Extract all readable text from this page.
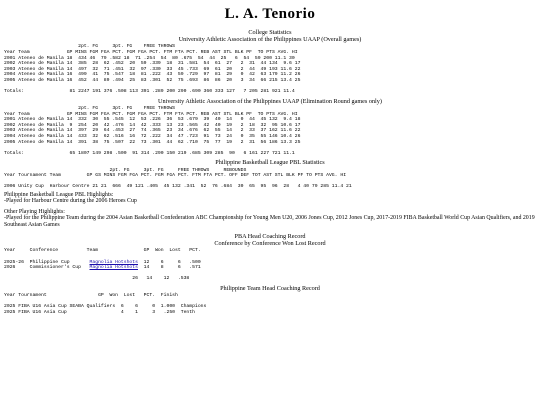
L. A. Tenorio
College Statistics
University Athletic Association of the Philippines UAAP (Overall games)
2pt. FG     3pt. FG    FREE THROWS
Year Team             GP MINS FGM FGA PCT. FGM FGA PCT. FTM FTA PCT. REB AST STL BLK PF  TO PTS AVG. HI
2001 Ateneo de Manila 18  434 46  79 .582 18  71 .254  54  80 .675  54  44  25   6  54  59 200 11.1 30
2002 Ateneo de Manila 14  385  28  62 .452  20  59 .339  18  31 .581  54  61  27   2  31  44 134  9.6 17
2003 Ateneo de Manila 14  497  32  71 .451  32  97 .330  33  45 .733  69  61  20   2  44  49 193 11.6 22
2004 Ateneo de Manila 16  499  41  75 .547  18  81 .222  43  59 .729  97  81  29   0  42  63 179 11.2 26
2005 Ateneo de Manila 16  452  44  89 .494  25  83 .301  52  75 .693  86  86  20   3  34  66 215 13.4 25

Totals:                81 2247 191 376 .508 113 391 .289 200 290 .690 360 333 127   7 205 281 921 11.4
University Athletic Association of the Philippines UAAP (Elimination Round games only)
2pt. FG     3pt. FG    FREE THROWS
Year Team             GP MINS FGM FGA PCT. FGM FGA PCT. FTM FTA PCT. REB AST STL BLK PF  TO PTS AVG. HI
2001 Ateneo de Manila 14  332  30  55 .545  12  53 .226  36  53 .679  39  40  14   0  44  45 132  9.4 18
2002 Ateneo de Manila  9  254  20  42 .476  14  42 .333  13  23 .565  42  40  19   2  18  32  95 10.6 17
2003 Ateneo de Manila 14  397  29  64 .453  27  74 .365  23  34 .676  62  55  14   2  33  37 162 11.6 22
2004 Ateneo de Manila 14  433  32  62 .516  16  72 .222  34  47 .723  91  73  24   0  35  55 146 10.4 26
2005 Ateneo de Manila 14  391  38  75 .507  22  73 .301  44  62 .710  75  77  19   2  31  56 186 13.3 25

Totals:                65 1807 149 298 .500  91 314 .290 150 219 .685 309 285  90   6 161 227 721 11.1
Philippine Basketball League PBL Statistics
2pt. FG     3pt. FG     FREE THROWS     REBOUNDS
Year Tournament Team         GP GS MINS FGM FGA PCT. FGM FGA PCT. FTM FTA PCT. OFF DEF TOT AST STL BLK PF TO PTS AVG. HI

2006 Unity Cup  Harbour Centre 21 21  666  49 121 .405  45 132 .341  52  76 .684  30  65  95  96  28   4 40 79 285 11.4 21
Philippine Basketball League PBL Highlights:
-Played for Harbour Centre during the 2006 Heroes Cup
Other Playing Highlights:
-Played for the Philippine Team during the 2004 Asian Basketball Confederation ABC Championship for Young Men U20, 2006 Jones Cup, 2012 Jones Cup, 2017-2019 FIBA Basketball World Cup Asian Qualifiers, and 2019 Southeast Asian Games
PBA Head Coaching Record
Conference by Conference Won Lost Record
Year     Conference          Team                GP  Won  Lost   PCT.

2025-26  Philippine Cup       Magnolia Hotshots  12    6     6   .500
2026     Commissioner's Cup   Magnolia Hotshots  14    8     6   .571

26   14    12   .538
Philippine Team Head Coaching Record
Year Tournament                  GP  Won  Lost   PCT.  Finish

2025 FIBA U16 Asia Cup SEABA Qualifiers  6    6     0  1.000  Champions
2025 FIBA U16 Asia Cup                   4    1     3   .250  Tenth
